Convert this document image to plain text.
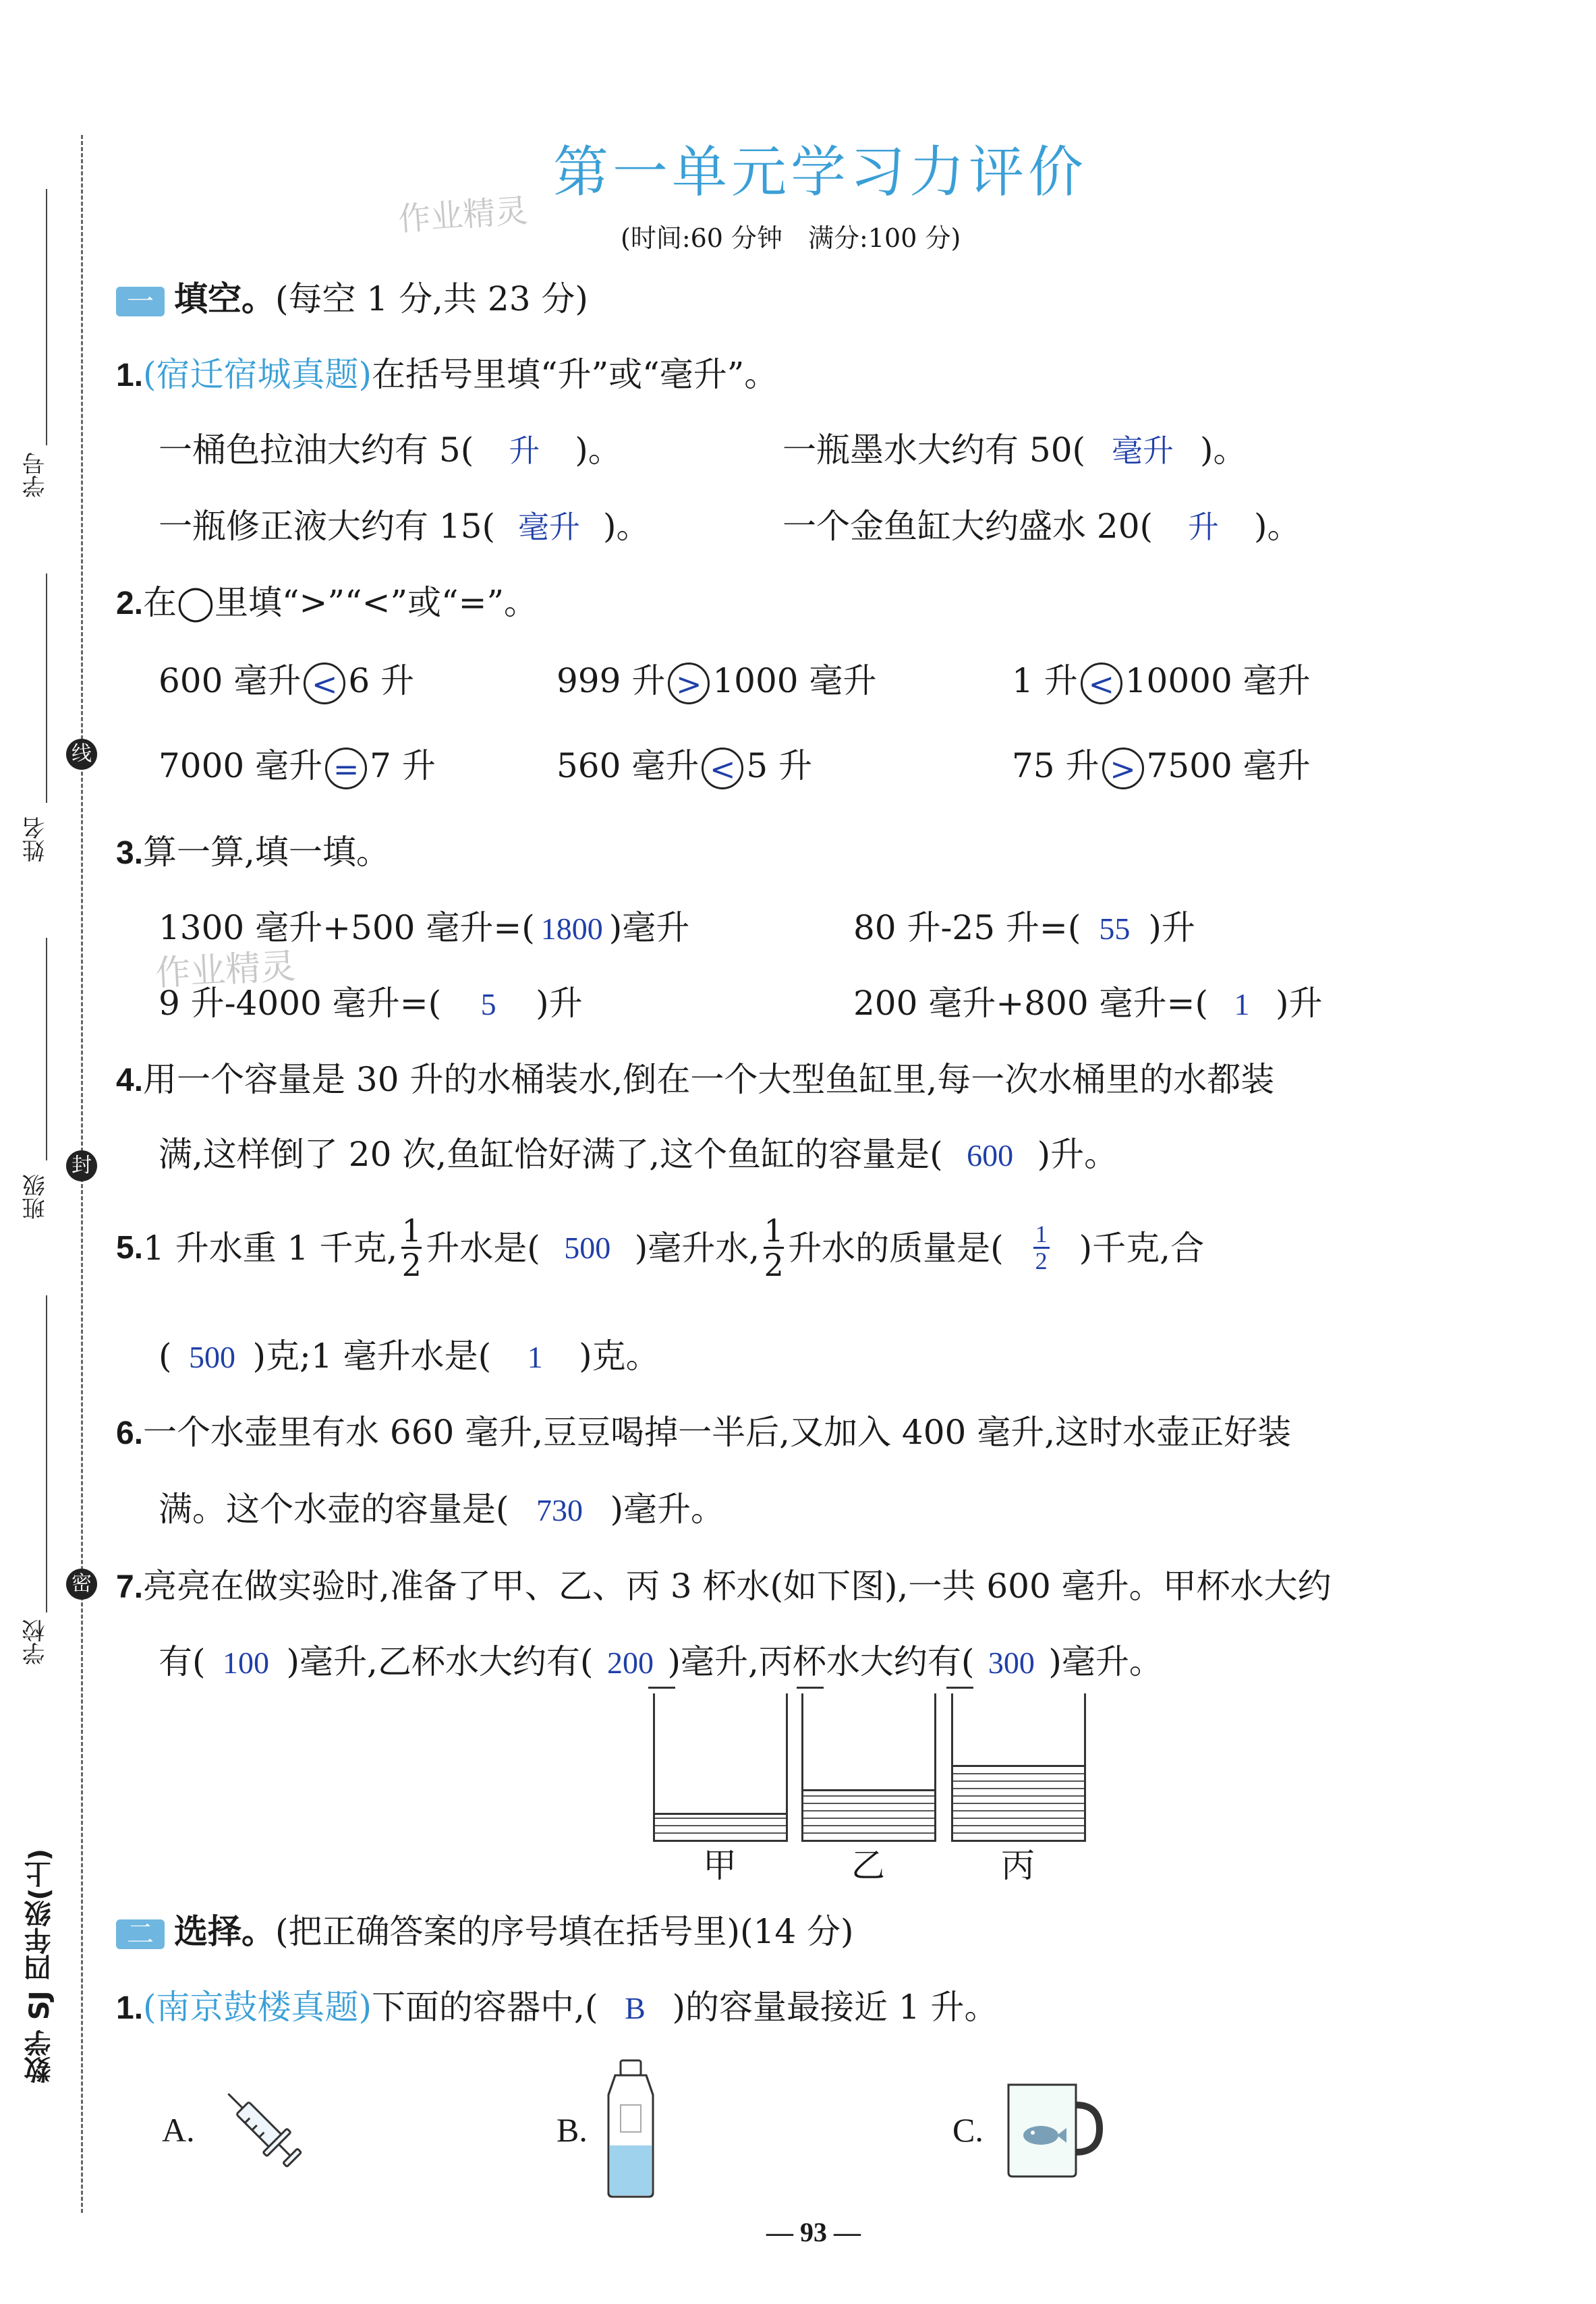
学号
姓名
班级
学校
数学 SJ 四年级(上)
线
封
密
第一单元学习力评价
(时间:60 分钟　满分:100 分)
作业精灵
一 填空。(每空 1 分,共 23 分)
1.(宿迁宿城真题)在括号里填“升”或“毫升”。
一桶色拉油大约有 5( 升 )。	一瓶墨水大约有 50( 毫升 )。
一瓶修正液大约有 15( 毫升 )。	一个金鱼缸大约盛水 20( 升 )。
2.在◯里填“>”“<”或“=”。
600 毫升 < 6 升	999 升 > 1000 毫升	1 升 < 10000 毫升
7000 毫升 = 7 升	560 毫升 < 5 升	75 升 > 7500 毫升
3.算一算,填一填。
1300 毫升+500 毫升=( 1800 )毫升	80 升-25 升=( 55 )升
9 升-4000 毫升=( 5 )升	200 毫升+800 毫升=( 1 )升
作业精灵
4.用一个容量是 30 升的水桶装水,倒在一个大型鱼缸里,每一次水桶里的水都装
满,这样倒了 20 次,鱼缸恰好满了,这个鱼缸的容量是( 600 )升。
5. 1 升水重 1 千克, $\frac{1}{2}$ 升水是( 500 )毫升水, $\frac{1}{2}$ 升水的质量是( $\frac{1}{2}$ )千克,合
( 500 )克;1 毫升水是( 1 )克。
6.一个水壶里有水 660 毫升,豆豆喝掉一半后,又加入 400 毫升,这时水壶正好装
满。这个水壶的容量是( 730 )毫升。
7.亮亮在做实验时,准备了甲、乙、丙 3 杯水(如下图),一共 600 毫升。甲杯水大约
有( 100 )毫升,乙杯水大约有( 200 )毫升,丙杯水大约有( 300 )毫升。
甲	乙	丙
二 选择。(把正确答案的序号填在括号里)(14 分)
1.(南京鼓楼真题)下面的容器中,( B )的容量最接近 1 升。
A.	B.	C.
— 93 —
